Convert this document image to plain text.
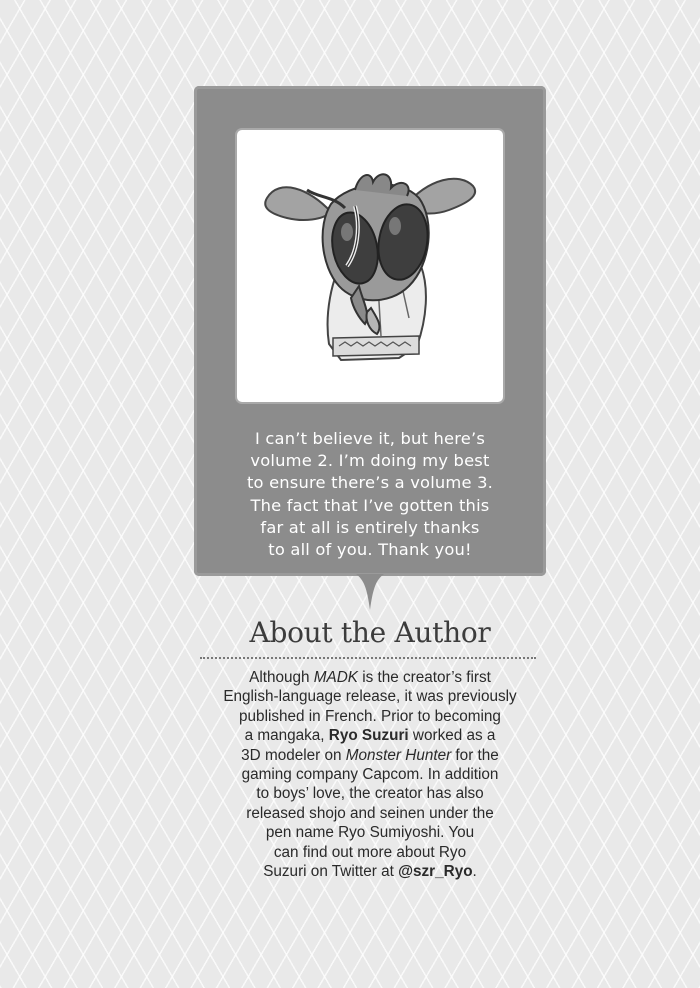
I can’t believe it, but here’s
volume 2. I’m doing my best
to ensure there’s a volume 3.
The fact that I’ve gotten this
far at all is entirely thanks
to all of you. Thank you!
About the Author
Although MADK is the creator’s first
English-language release, it was previously
published in French. Prior to becoming
a mangaka, Ryo Suzuri worked as a
3D modeler on Monster Hunter for the
gaming company Capcom. In addition
to boys’ love, the creator has also
released shojo and seinen under the
pen name Ryo Sumiyoshi. You
can find out more about Ryo
Suzuri on Twitter at @szr_Ryo.
